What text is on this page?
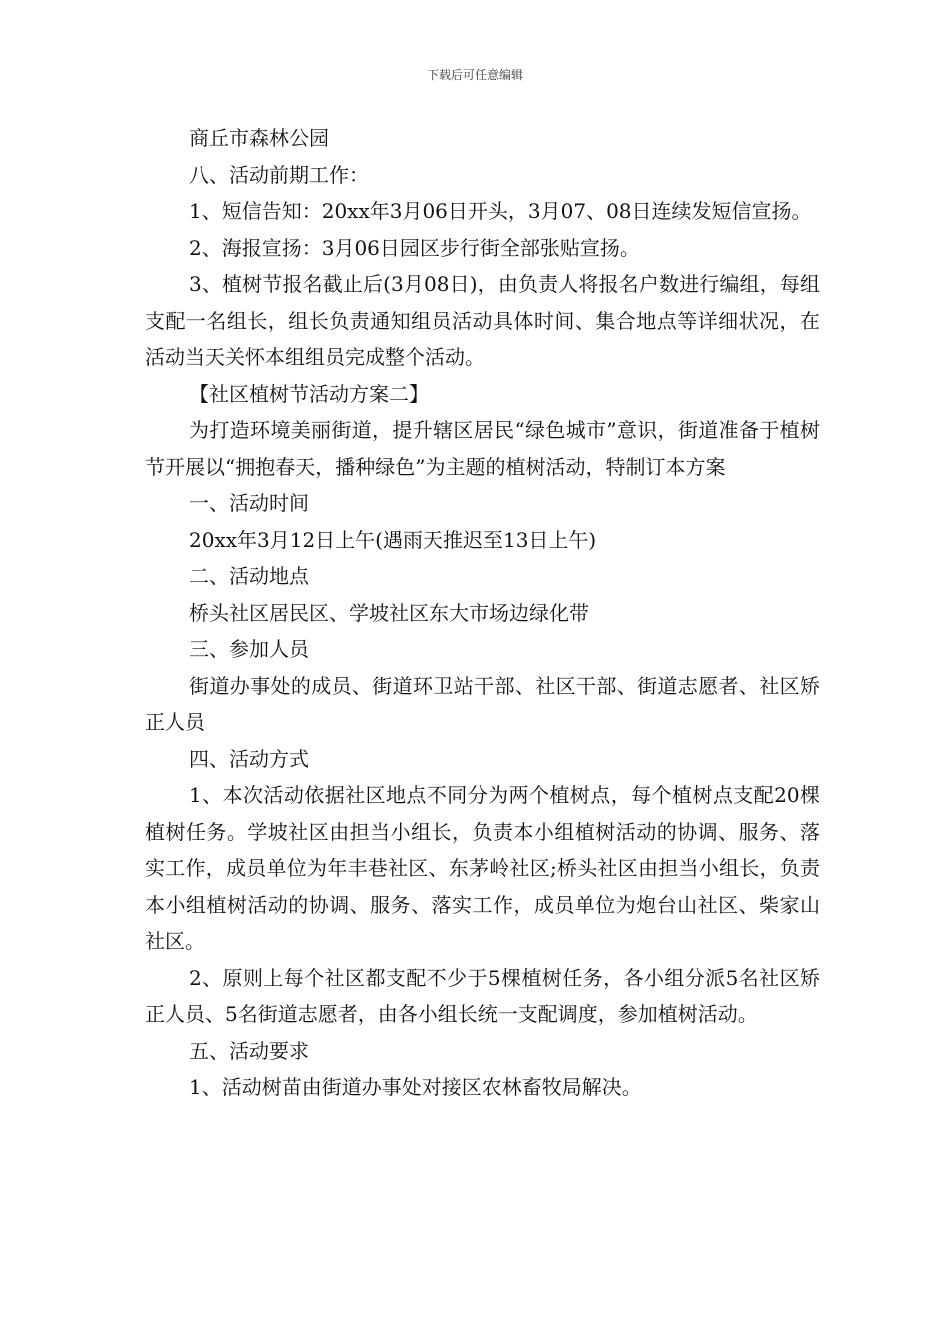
下载后可任意编辑

商丘市森林公园

八、活动前期工作：

1、短信告知：20xx年3月06日开头，3月07、08日连续发短信宣扬。

2、海报宣扬：3月06日园区步行街全部张贴宣扬。

3、植树节报名截止后(3月08日)，由负责人将报名户数进行编组，每组支配一名组长，组长负责通知组员活动具体时间、集合地点等详细状况，在活动当天关怀本组组员完成整个活动。

【社区植树节活动方案二】

为打造环境美丽街道，提升辖区居民“绿色城市”意识，街道准备于植树节开展以“拥抱春天，播种绿色”为主题的植树活动，特制订本方案

一、活动时间

20xx年3月12日上午(遇雨天推迟至13日上午)

二、活动地点

桥头社区居民区、学坡社区东大市场边绿化带

三、参加人员

街道办事处的成员、街道环卫站干部、社区干部、街道志愿者、社区矫正人员

四、活动方式

1、本次活动依据社区地点不同分为两个植树点，每个植树点支配20棵植树任务。学坡社区由担当小组长，负责本小组植树活动的协调、服务、落实工作，成员单位为年丰巷社区、东茅岭社区;桥头社区由担当小组长，负责本小组植树活动的协调、服务、落实工作，成员单位为炮台山社区、柴家山社区。

2、原则上每个社区都支配不少于5棵植树任务，各小组分派5名社区矫正人员、5名街道志愿者，由各小组长统一支配调度，参加植树活动。

五、活动要求

1、活动树苗由街道办事处对接区农林畜牧局解决。
